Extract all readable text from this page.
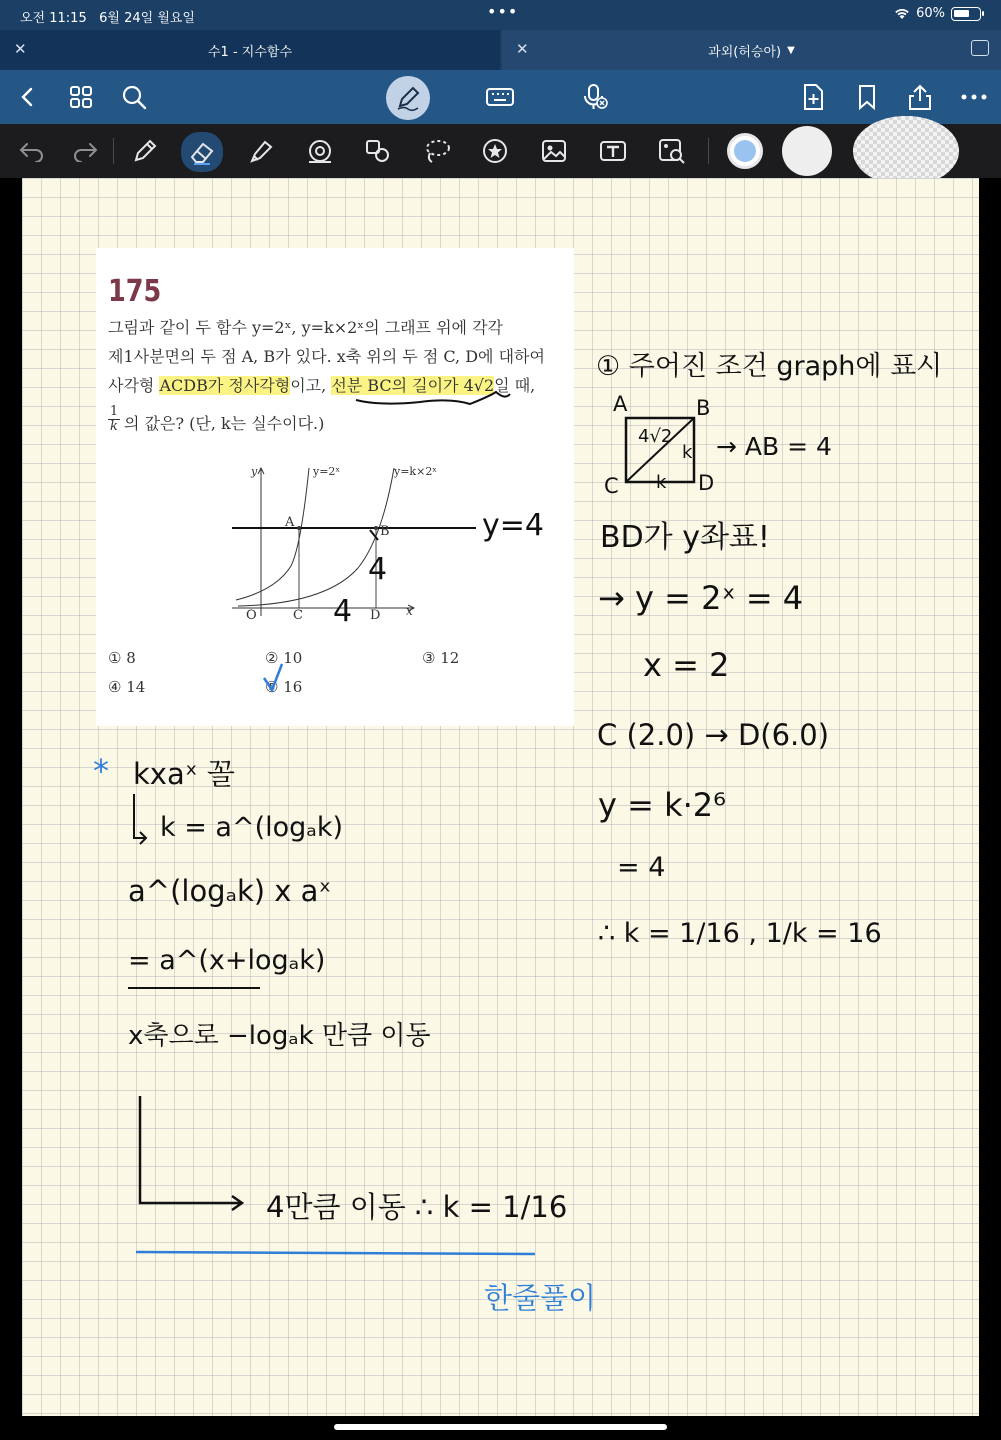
오전 11:15 6월 24일 월요일	•••	60%
✕	수1 - 지수함수	✕	과외(허승아) ▼
175
그림과 같이 두 함수 y=2ˣ, y=k×2ˣ의 그래프 위에 각각
제1사분면의 두 점 A, B가 있다. x축 위의 두 점 C, D에 대하여
사각형 ACDB가 정사각형이고, 선분 BC의 길이가 4√2일 때,
1
k 의 값은? (단, k는 실수이다.)
y	y=2ˣ	y=k×2ˣ
A
B
O	C	D x
① 8	② 10	③ 12
④ 14	⑤ 16
y=4
4
4
① 주어진 조건 graph에 표시
A	B
C	D
4√2
k
k
→ AB = 4
BD가 y좌표!
→ y = 2ˣ = 4
x = 2
C (2.0) → D(6.0)
y = k·2⁶
= 4
∴ k = 1/16 , 1/k = 16
* kxaˣ 꼴
k = a^(logₐk)
a^(logₐk) x aˣ
= a^(x+logₐk)
x축으로 −logₐk 만큼 이동
4만큼 이동 ∴ k = 1/16
한줄풀이
